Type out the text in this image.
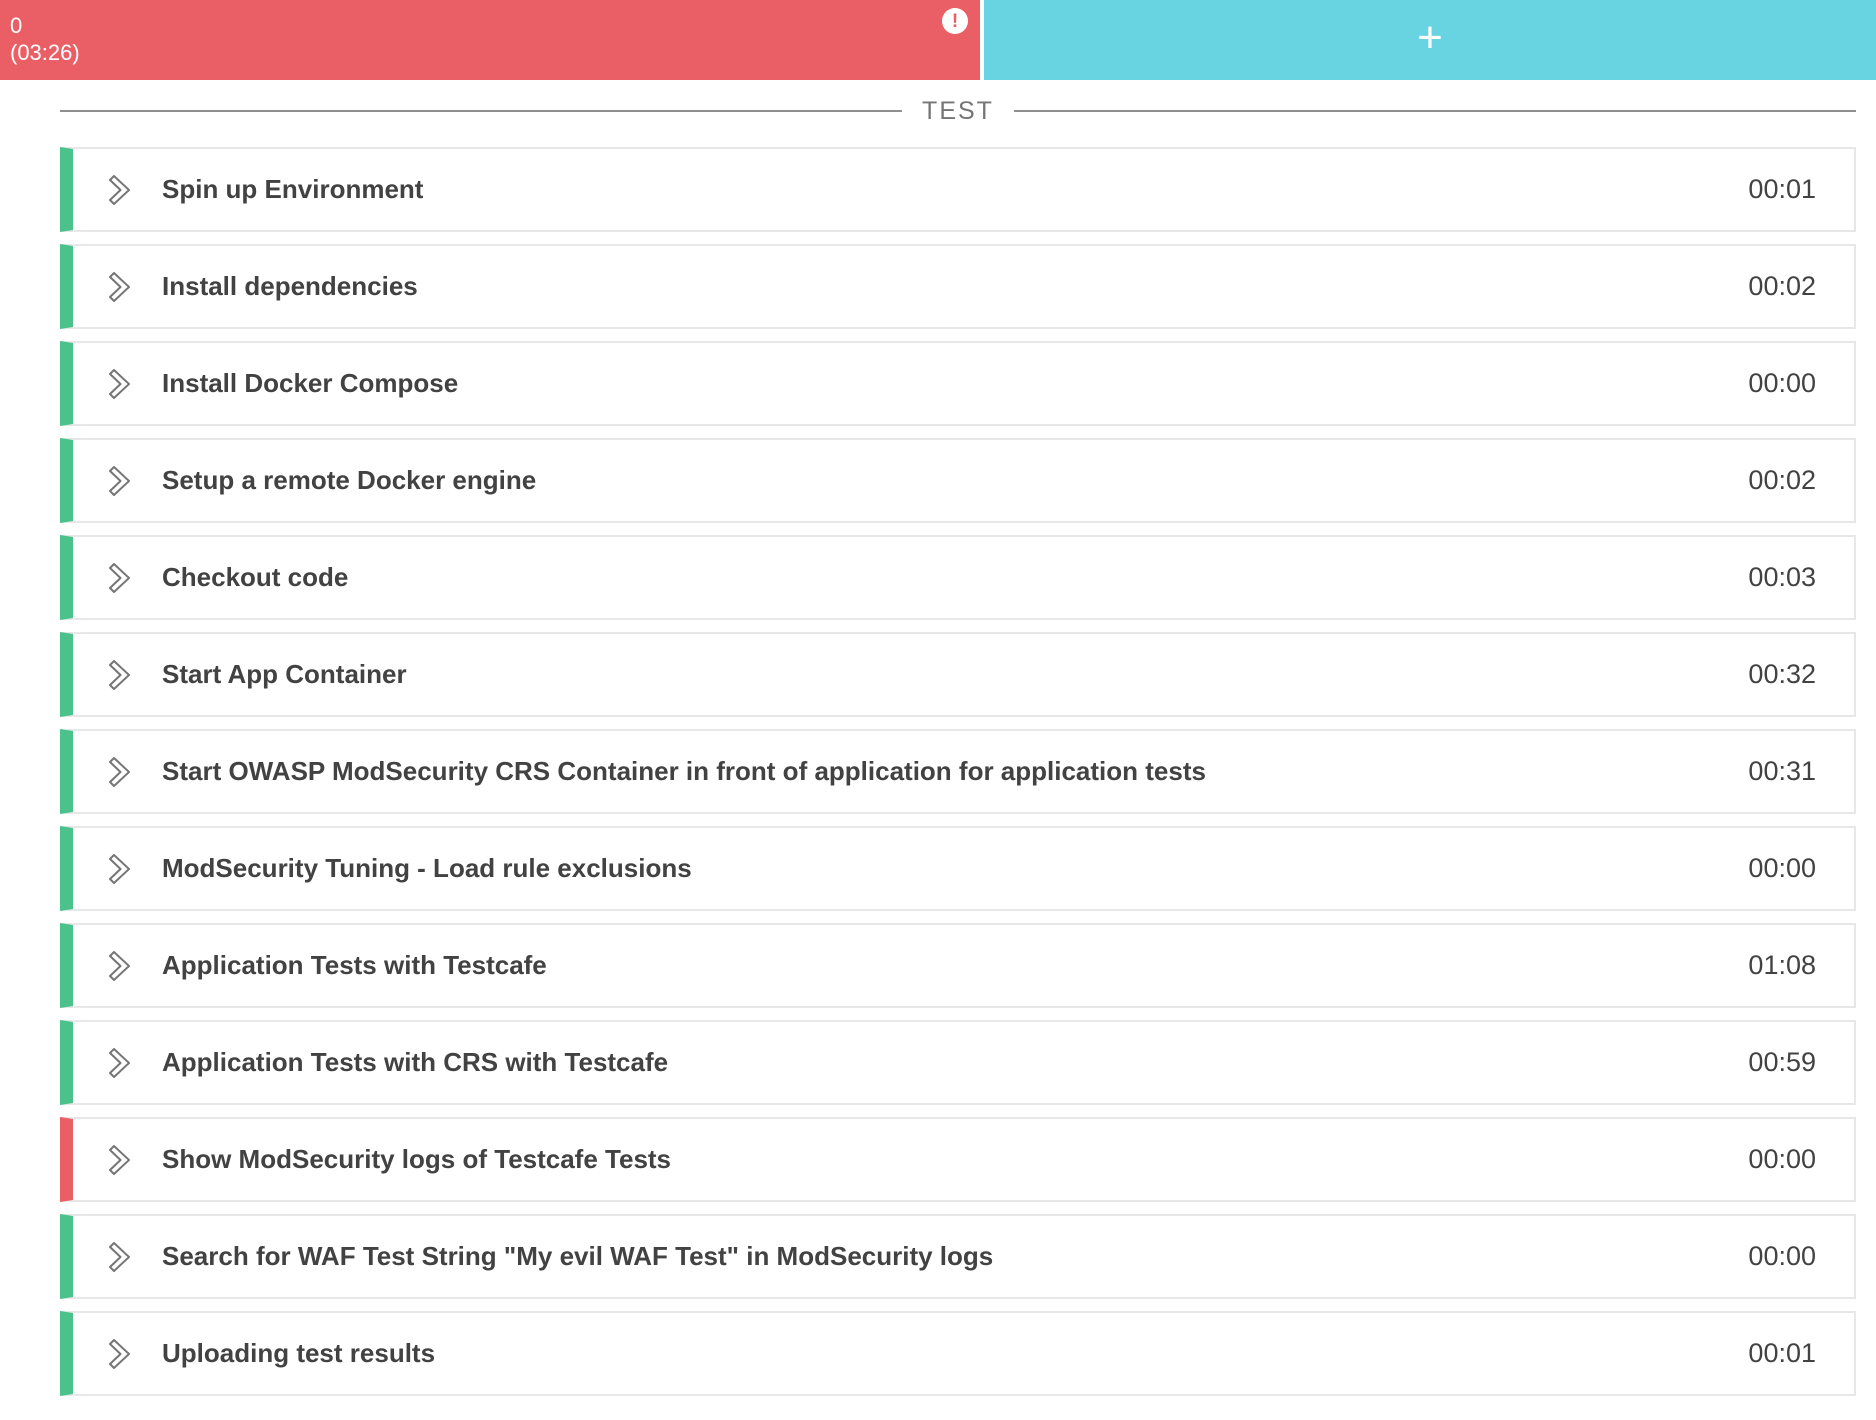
0
(03:26)
!	+
TEST
Spin up Environment	00:01
Install dependencies	00:02
Install Docker Compose	00:00
Setup a remote Docker engine	00:02
Checkout code	00:03
Start App Container	00:32
Start OWASP ModSecurity CRS Container in front of application for application tests	00:31
ModSecurity Tuning - Load rule exclusions	00:00
Application Tests with Testcafe	01:08
Application Tests with CRS with Testcafe	00:59
Show ModSecurity logs of Testcafe Tests	00:00
Search for WAF Test String "My evil WAF Test" in ModSecurity logs	00:00
Uploading test results	00:01
